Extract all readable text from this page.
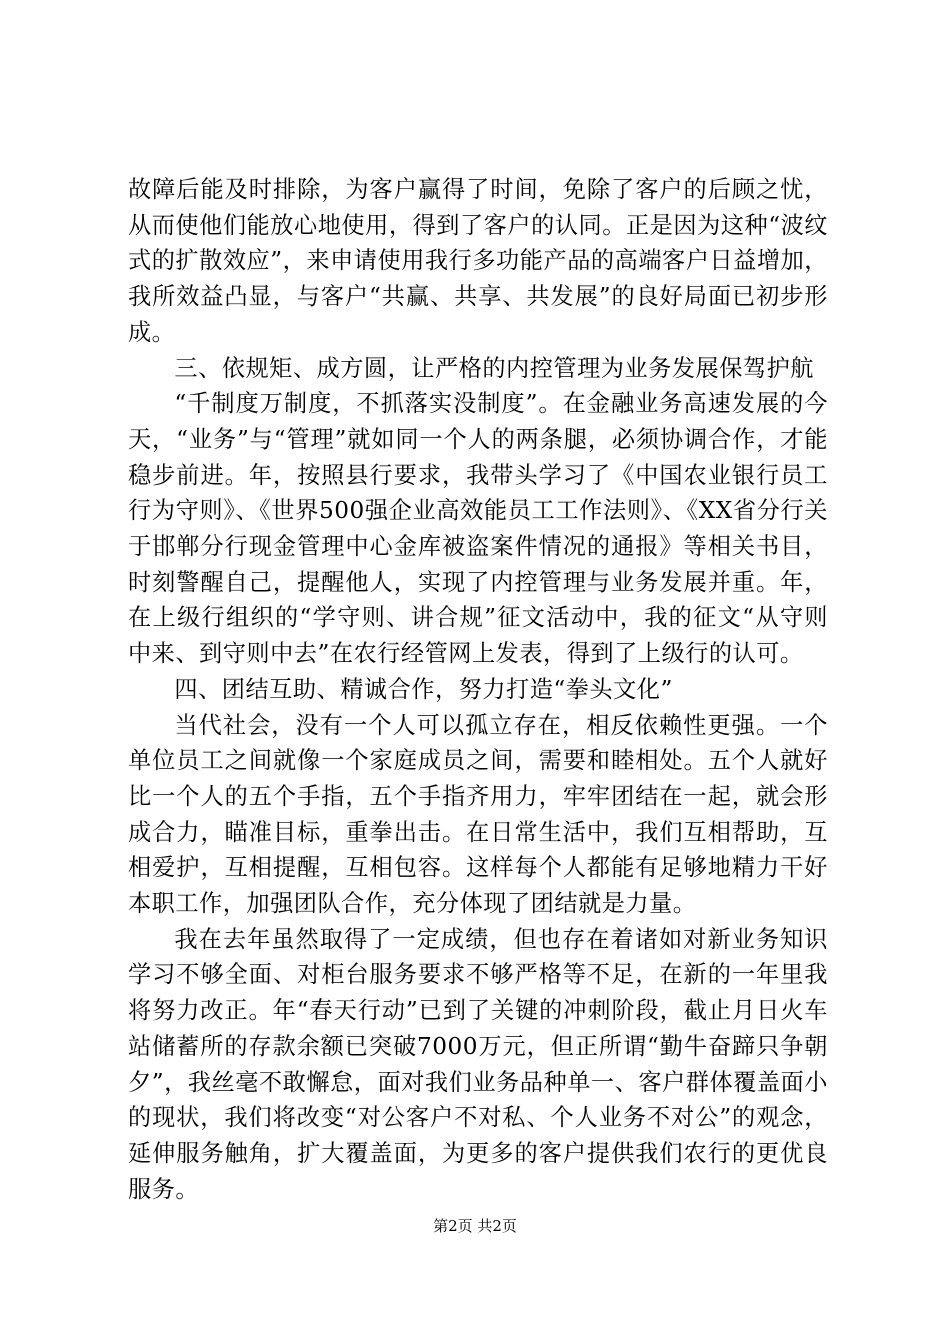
故障后能及时排除，为客户赢得了时间，免除了客户的后顾之忧，从而使他们能放心地使用，得到了客户的认同。正是因为这种“波纹式的扩散效应”，来申请使用我行多功能产品的高端客户日益增加，我所效益凸显，与客户“共赢、共享、共发展”的良好局面已初步形成。

三、依规矩、成方圆，让严格的内控管理为业务发展保驾护航

“千制度万制度，不抓落实没制度”。在金融业务高速发展的今天，“业务”与“管理”就如同一个人的两条腿，必须协调合作，才能稳步前进。年，按照县行要求，我带头学习了《中国农业银行员工行为守则》、《世界500强企业高效能员工工作法则》、《XX省分行关于邯郸分行现金管理中心金库被盗案件情况的通报》等相关书目，时刻警醒自己，提醒他人，实现了内控管理与业务发展并重。年，在上级行组织的“学守则、讲合规”征文活动中，我的征文“从守则中来、到守则中去”在农行经管网上发表，得到了上级行的认可。

四、团结互助、精诚合作，努力打造“拳头文化”

当代社会，没有一个人可以孤立存在，相反依赖性更强。一个单位员工之间就像一个家庭成员之间，需要和睦相处。五个人就好比一个人的五个手指，五个手指齐用力，牢牢团结在一起，就会形成合力，瞄准目标，重拳出击。在日常生活中，我们互相帮助，互相爱护，互相提醒，互相包容。这样每个人都能有足够地精力干好本职工作，加强团队合作，充分体现了团结就是力量。

我在去年虽然取得了一定成绩，但也存在着诸如对新业务知识学习不够全面、对柜台服务要求不够严格等不足，在新的一年里我将努力改正。年“春天行动”已到了关键的冲刺阶段，截止月日火车站储蓄所的存款余额已突破7000万元，但正所谓“勤牛奋蹄只争朝夕”，我丝毫不敢懈怠，面对我们业务品种单一、客户群体覆盖面小的现状，我们将改变“对公客户不对私、个人业务不对公”的观念，延伸服务触角，扩大覆盖面，为更多的客户提供我们农行的更优良服务。

第2页 共2页
